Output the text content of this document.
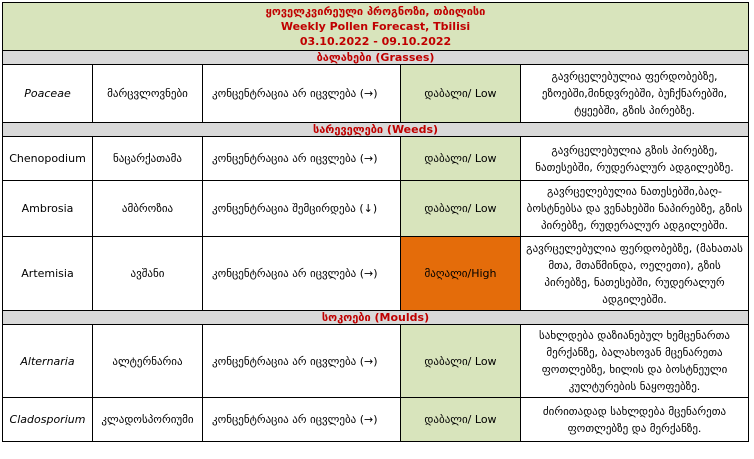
ყოველკვირეული პროგნოზი, თბილისი
Weekly Pollen Forecast, Tbilisi
03.10.2022 - 09.10.2022				

ბალახები (Grasses)				
Poaceae	მარცვლოვნები	კონცენტრაცია არ იცვლება (→)	დაბალი/ Low	გავრცელებულია ფერდობებზე, ეზოებში,მინდვრებში, ბუჩქნარებში, ტყეებში, გზის პირებზე.
სარეველები (Weeds)				
Chenopodium	ნაცარქათამა	კონცენტრაცია არ იცვლება (→)	დაბალი/ Low	გავრცელებულია გზის პირებზე, ნათესებში, რუდერალურ ადგილებზე.
Ambrosia	ამბროზია	კონცენტრაცია შემცირდება (↓)	დაბალი/ Low	გავრცელებულია ნათესებში,ბაღ-ბოსტნებსა და ვენახებში ნაპირებზე, გზის პირებზე, რუდერალურ ადგილებში.
Artemisia	ავშანი	კონცენტრაცია არ იცვლება (→)	მაღალი/High	გავრცელებულია ფერდობებზე, (მახათას მთა, მთაწმინდა, ოელეთი), გზის პირებზე, ნათესებში, რუდერალურ ადგილებში.
სოკოები (Moulds)				
Alternaria	ალტერნარია	კონცენტრაცია არ იცვლება (→)	დაბალი/ Low	სახლდება დაზიანებულ ხემცენართა მერქანზე, ბალახოვან მცენარეთა ფოთლებზე, ხილის და ბოსტნეული კულტურების ნაყოფებზე.
Cladosporium	კლადოსპორიუმი	კონცენტრაცია არ იცვლება (→)	დაბალი/ Low	ძირითადად სახლდება მცენარეთა ფოთლებზე და მერქანზე.
